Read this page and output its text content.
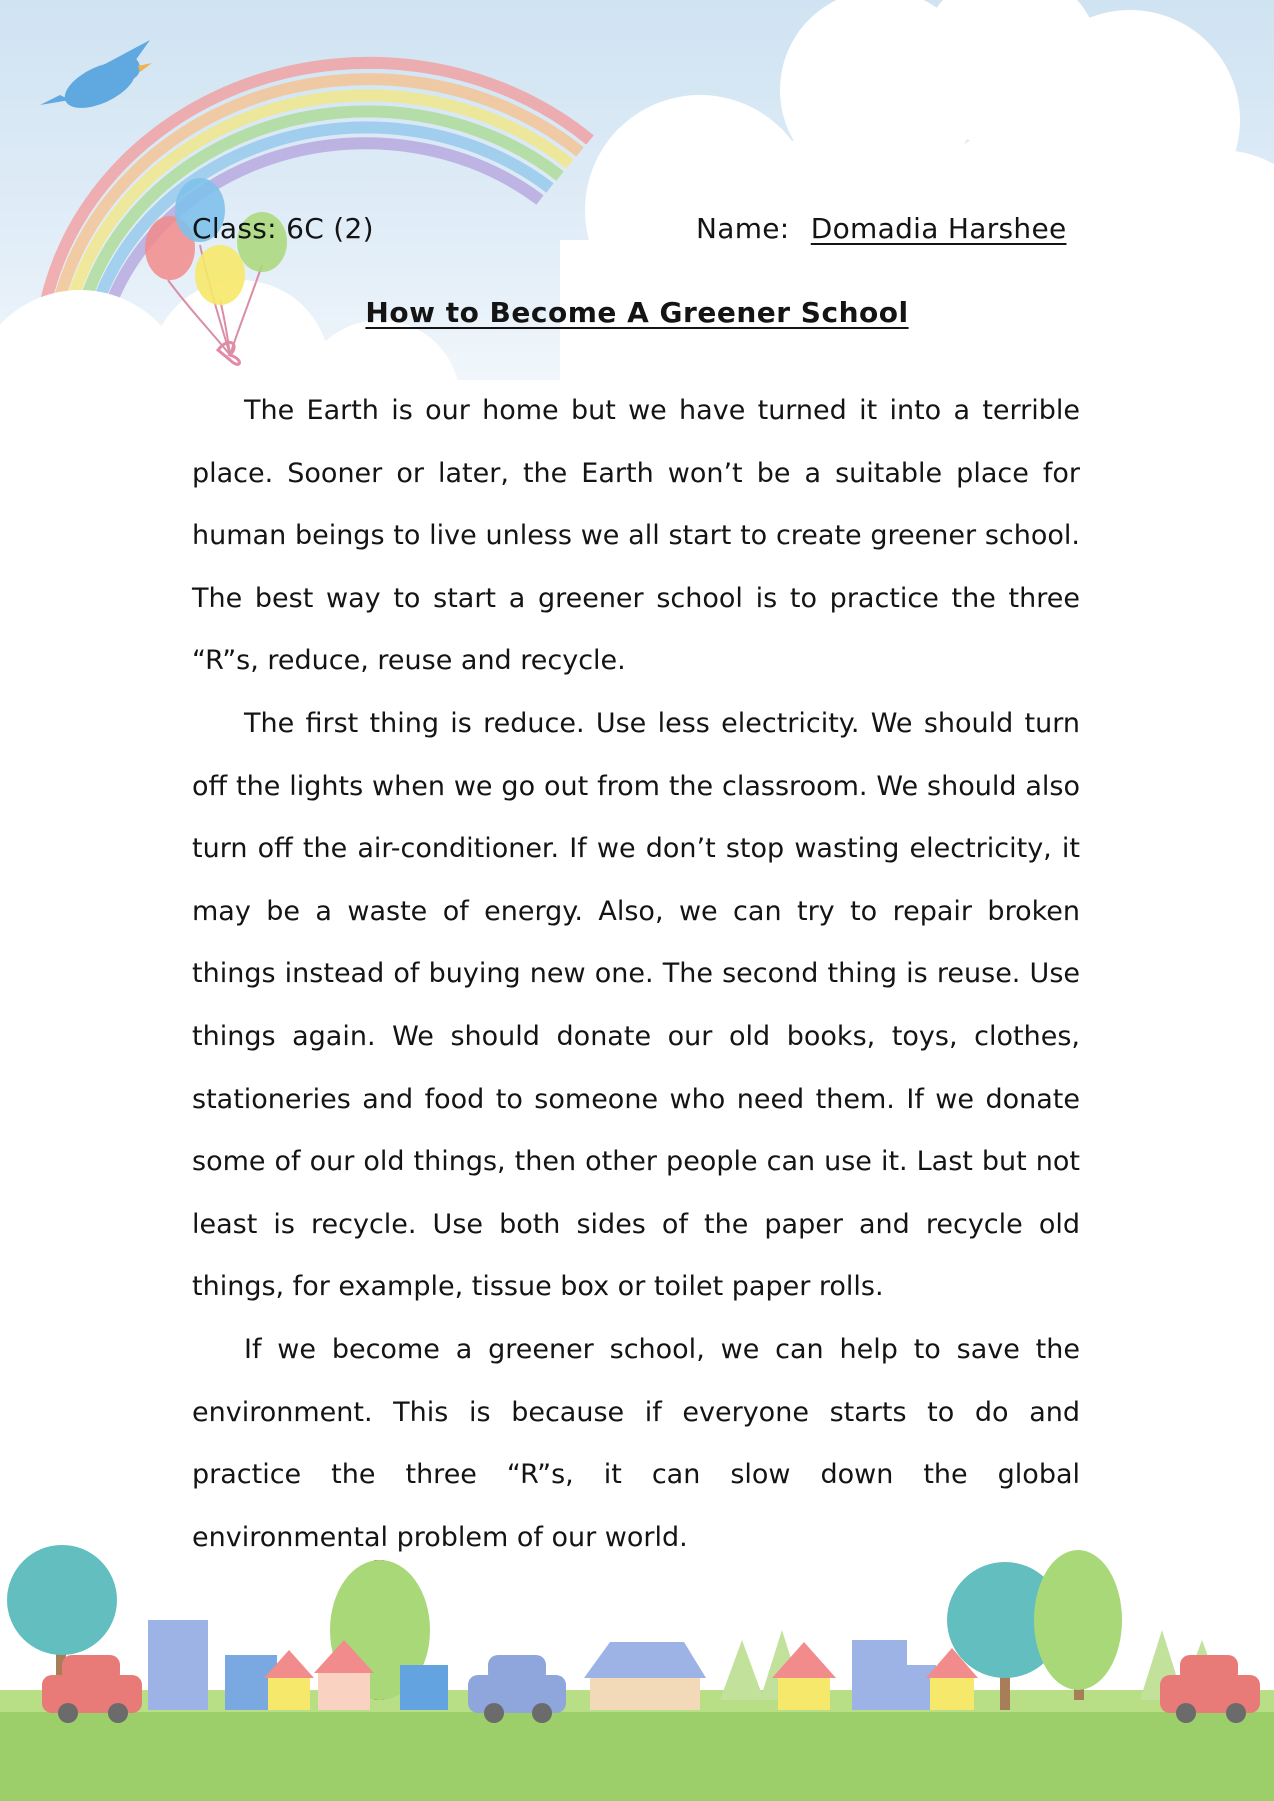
Class: 6C (2)	Name: Domadia Harshee
How to Become A Greener School

The Earth is our home but we have turned it into a terrible place. Sooner or later, the Earth won’t be a suitable place for human beings to live unless we all start to create greener school. The best way to start a greener school is to practice the three “R”s, reduce, reuse and recycle.

The first thing is reduce. Use less electricity. We should turn off the lights when we go out from the classroom. We should also turn off the air-conditioner. If we don’t stop wasting electricity, it may be a waste of energy. Also, we can try to repair broken things instead of buying new one. The second thing is reuse. Use things again. We should donate our old books, toys, clothes, stationeries and food to someone who need them. If we donate some of our old things, then other people can use it. Last but not least is recycle. Use both sides of the paper and recycle old things, for example, tissue box or toilet paper rolls.

If we become a greener school, we can help to save the environment. This is because if everyone starts to do and practice the three “R”s, it can slow down the global environmental problem of our world.
